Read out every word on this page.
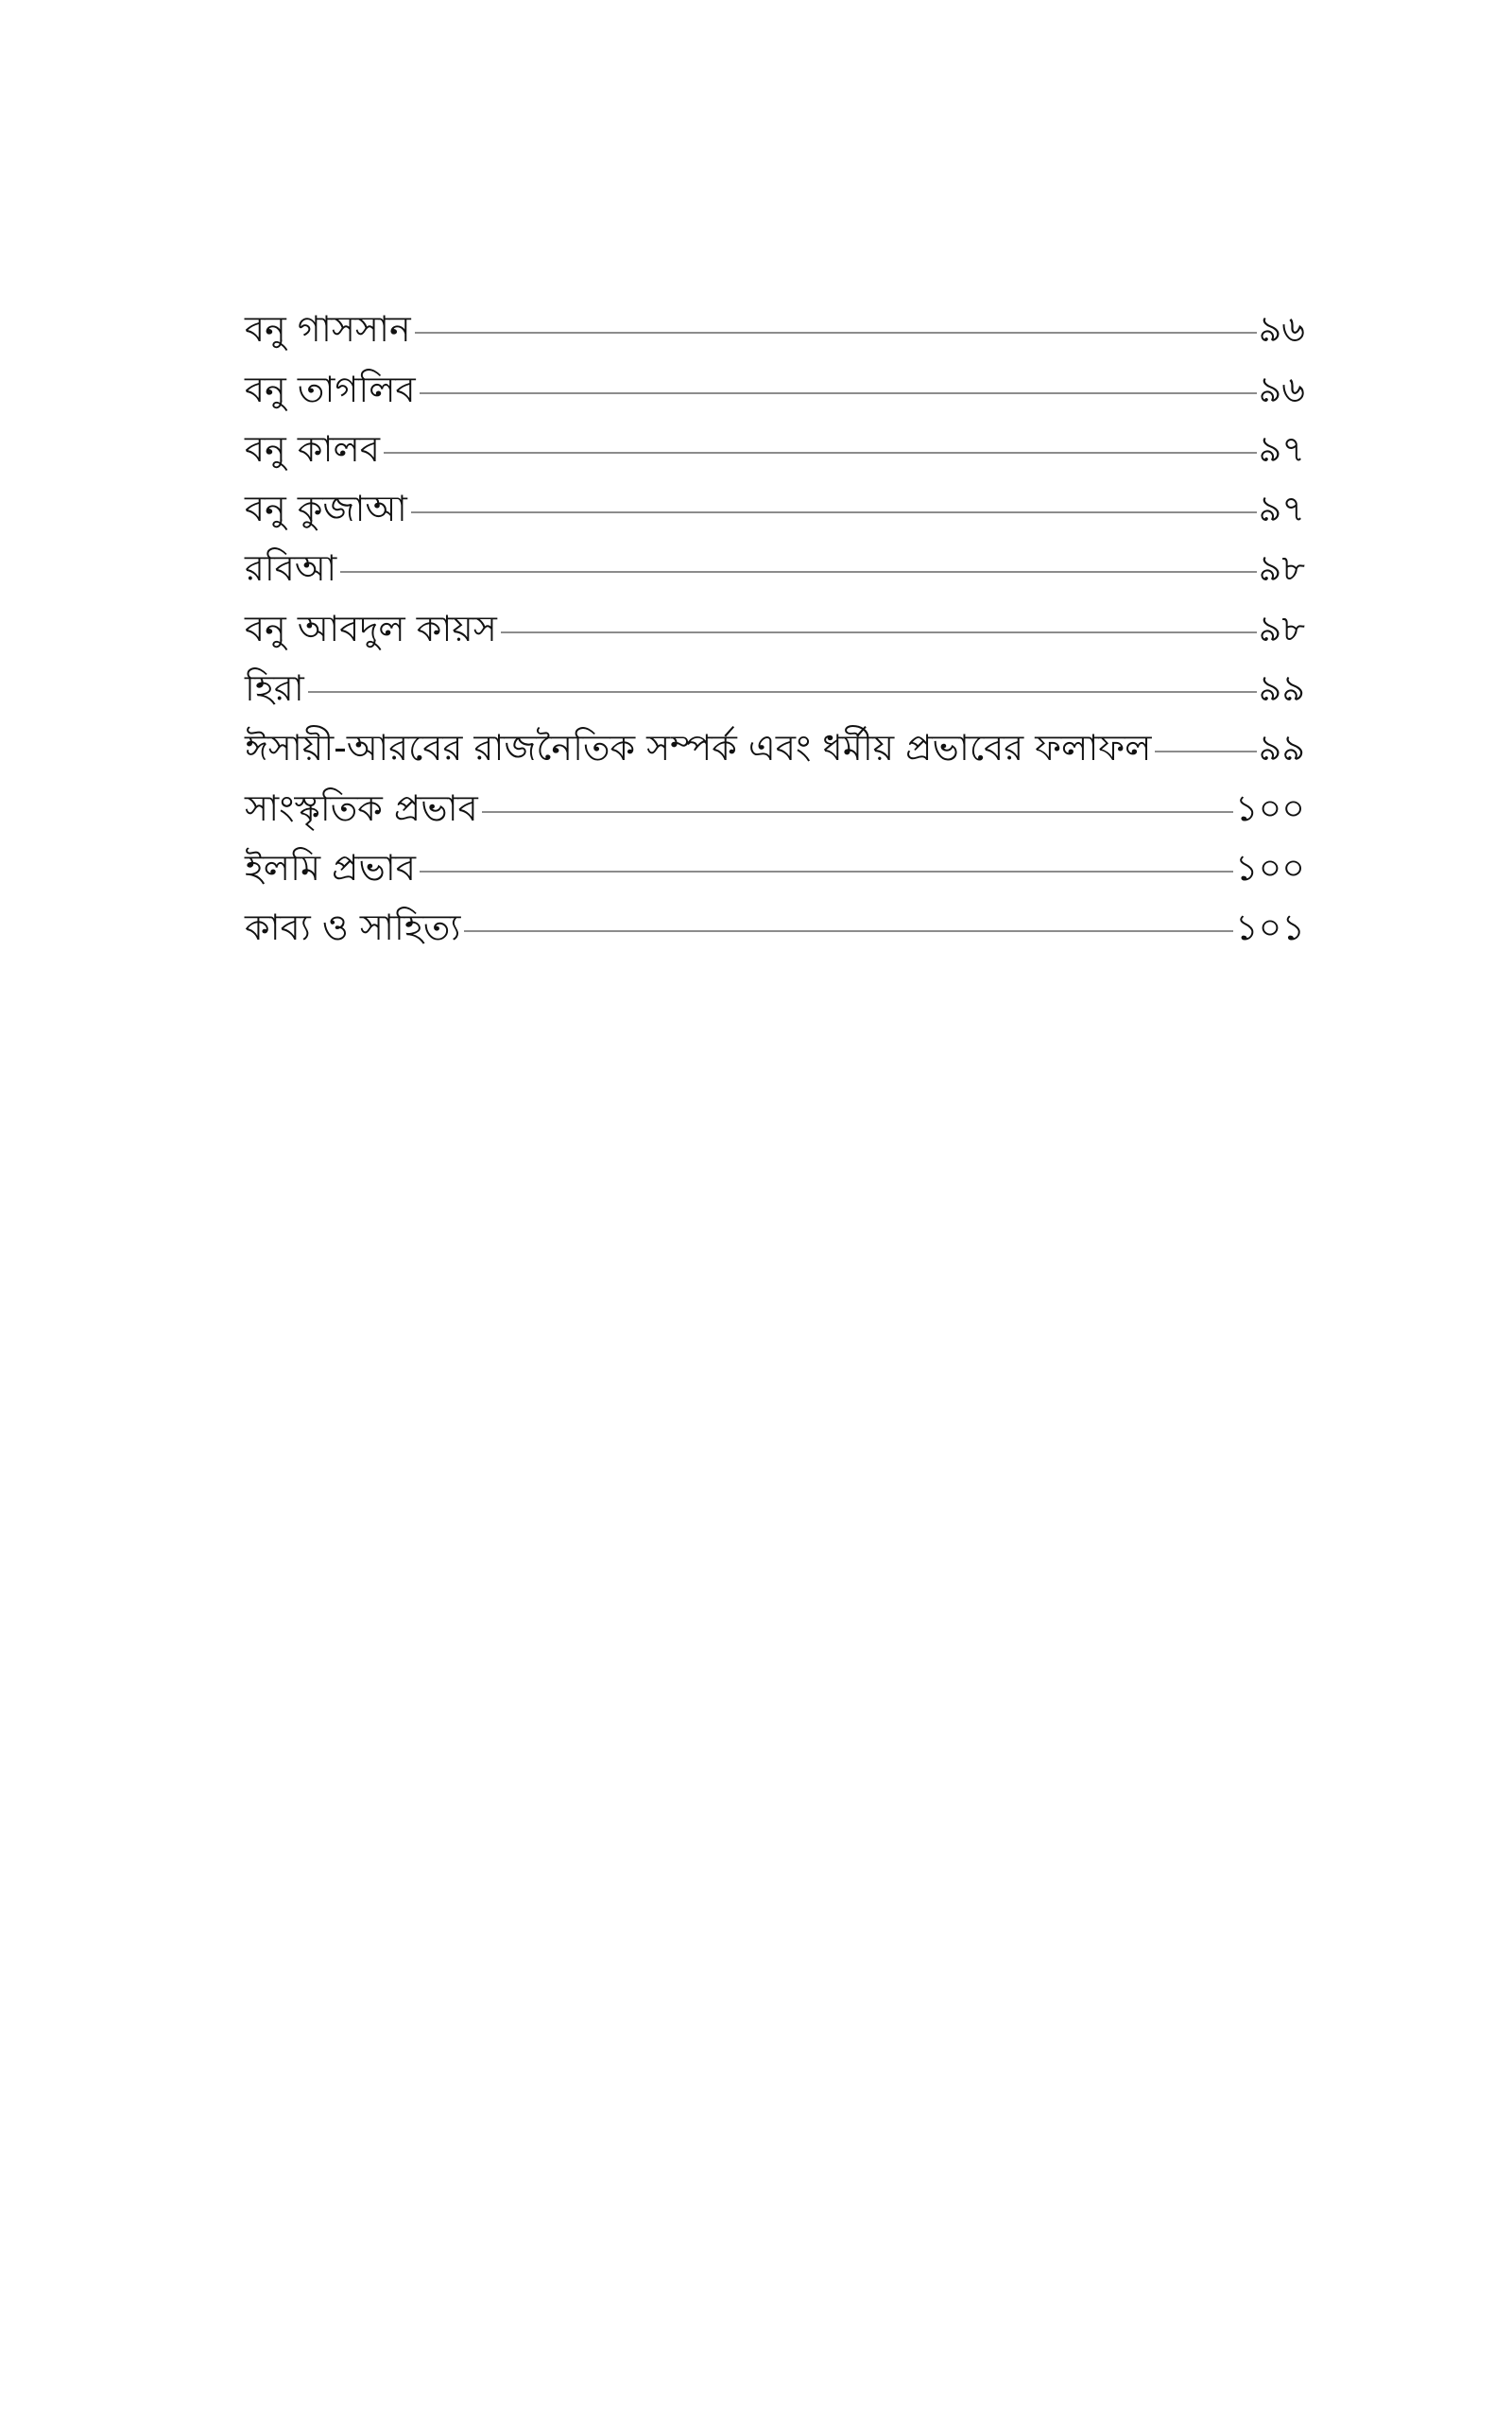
বনু গাসসান	৯৬
বনু তাগলিব	৯৬
বনু কালব	৯৭
বনু কুজাআ	৯৭
রবিআ	৯৮
বনু আবদুল কায়স	৯৮
হিরা	৯৯
ঈসায়ী-আরবের রাজনৈতিক সম্পর্ক এবং ধর্মীয় প্রভাবের ফলাফল	৯৯
সাংস্কৃতিক প্রভাব	১০০
ইলমি প্রভাব	১০০
কাব্য ও সাহিত্য	১০১
